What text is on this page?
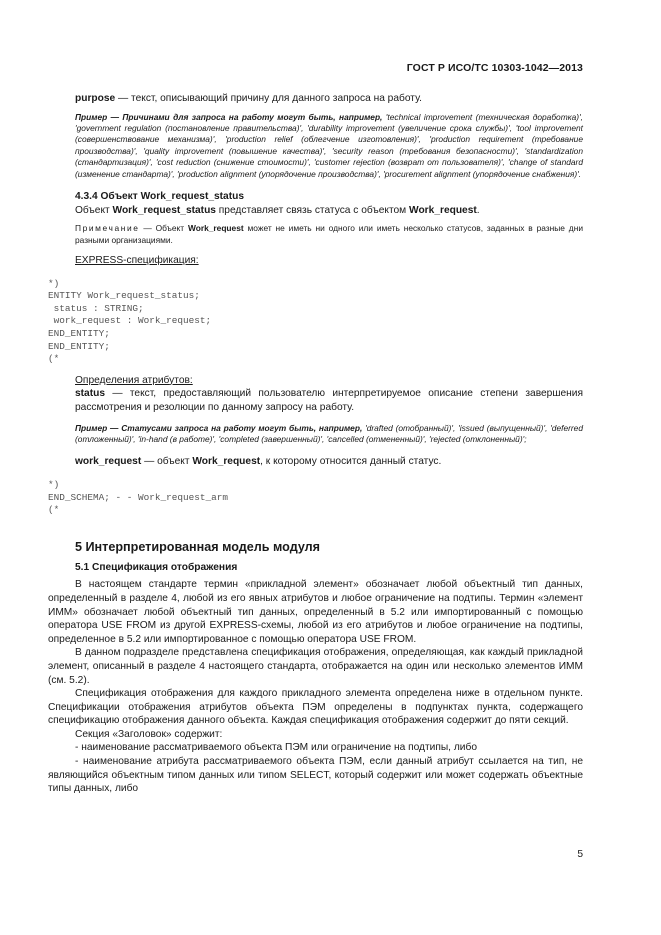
ГОСТ Р ИСО/ТС 10303-1042—2013

purpose — текст, описывающий причину для данного запроса на работу.

Пример — Причинами для запроса на работу могут быть, например, 'technical improvement (техническая доработка)', 'government regulation (постановление правительства)', 'durability improvement (увеличение срока службы)', 'tool improvement (совершенствование механизма)', 'production relief (облегчение изготовления)', 'production requirement (требование производства)', 'quality improvement (повышение качества)', 'security reason (требования безопасности)', 'standardization (стандартизация)', 'cost reduction (снижение стоимости)', 'customer rejection (возврат от пользователя)', 'change of standard (изменение стандарта)', 'production alignment (упорядочение производства)', 'procurement alignment (упорядочение снабжения)'.

4.3.4 Объект Work_request_status

Объект Work_request_status представляет связь статуса с объектом Work_request.

Примечание — Объект Work_request может не иметь ни одного или иметь несколько статусов, заданных в разные дни разными организациями.

EXPRESS-спецификация:

*)
ENTITY Work_request_status;
status : STRING;
work_request : Work_request;
END_ENTITY;
END_ENTITY;
(*

Определения атрибутов:

status — текст, предоставляющий пользователю интерпретируемое описание степени завершения рассмотрения и резолюции по данному запросу на работу.

Пример — Статусами запроса на работу могут быть, например, 'drafted (отобранный)', 'issued (выпущенный)', 'deferred (отложенный)', 'in-hand (в работе)', 'completed (завершенный)', 'cancelled (отмененный)', 'rejected (отклоненный)';

work_request — объект Work_request, к которому относится данный статус.

*)
END_SCHEMA; - - Work_request_arm
(*

5 Интерпретированная модель модуля

5.1 Спецификация отображения

В настоящем стандарте термин «прикладной элемент» обозначает любой объектный тип данных, определенный в разделе 4, любой из его явных атрибутов и любое ограничение на подтипы. Термин «элемент ИММ» обозначает любой объектный тип данных, определенный в 5.2 или импортированный с помощью оператора USE FROM из другой EXPRESS-схемы, любой из его атрибутов и любое ограничение на подтипы, определенное в 5.2 или импортированное с помощью оператора USE FROM.

В данном подразделе представлена спецификация отображения, определяющая, как каждый прикладной элемент, описанный в разделе 4 настоящего стандарта, отображается на один или несколько элементов ИММ (см. 5.2).

Спецификация отображения для каждого прикладного элемента определена ниже в отдельном пункте. Спецификации отображения атрибутов объекта ПЭМ определены в подпунктах пункта, содержащего спецификацию отображения данного объекта. Каждая спецификация отображения содержит до пяти секций.

Секция «Заголовок» содержит:

- наименование рассматриваемого объекта ПЭМ или ограничение на подтипы, либо

- наименование атрибута рассматриваемого объекта ПЭМ, если данный атрибут ссылается на тип, не являющийся объектным типом данных или типом SELECT, который содержит или может содержать объектные типы данных, либо

5
